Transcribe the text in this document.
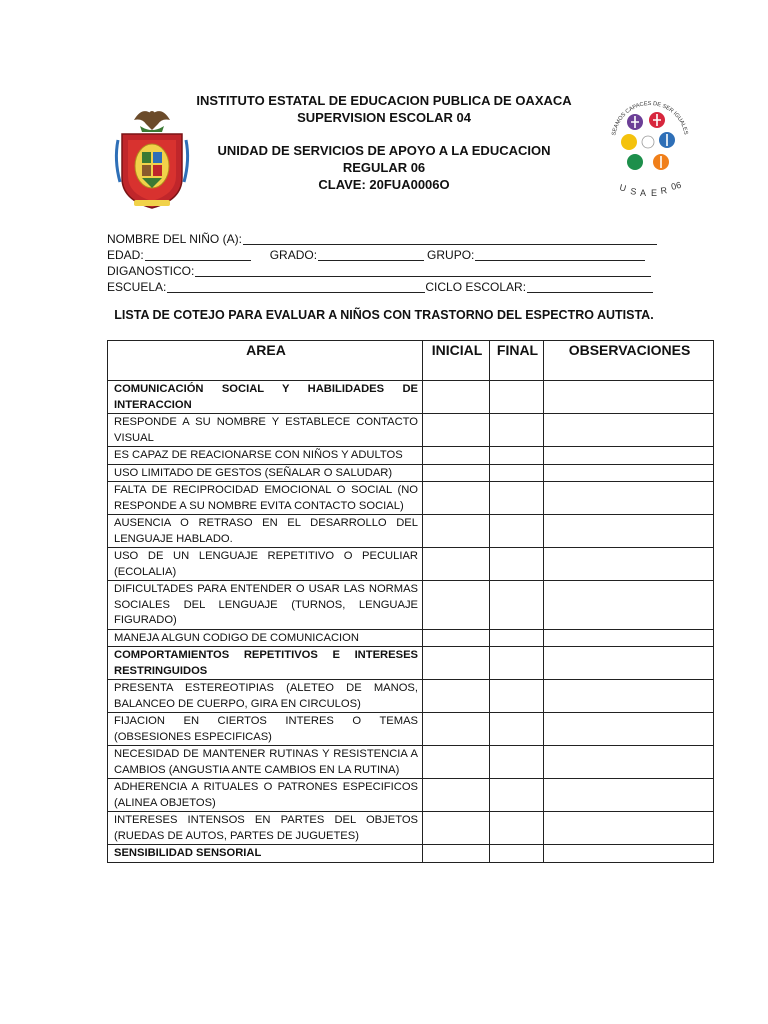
INSTITUTO ESTATAL DE EDUCACION PUBLICA DE OAXACA
SUPERVISION ESCOLAR 04
UNIDAD DE SERVICIOS DE APOYO A LA EDUCACION
REGULAR 06
CLAVE: 20FUA0006O
SEAMOS CAPACES DE SER IGUALES
U S A E R 06
NOMBRE DEL NIÑO (A):
EDAD:	GRADO:	GRUPO:
DIGANOSTICO:
ESCUELA:	CICLO ESCOLAR:
LISTA DE COTEJO PARA EVALUAR A NIÑOS CON TRASTORNO DEL ESPECTRO AUTISTA.
AREA	INICIAL	FINAL	OBSERVACIONES
COMUNICACIÓN SOCIAL Y HABILIDADES DE INTERACCION			
RESPONDE A SU NOMBRE Y ESTABLECE CONTACTO VISUAL			
ES CAPAZ DE REACIONARSE CON NIÑOS Y ADULTOS			
USO LIMITADO DE GESTOS (SEÑALAR O SALUDAR)			
FALTA DE RECIPROCIDAD EMOCIONAL O SOCIAL (NO RESPONDE A SU NOMBRE EVITA CONTACTO SOCIAL)			
AUSENCIA O RETRASO EN EL DESARROLLO DEL LENGUAJE HABLADO.			
USO DE UN LENGUAJE REPETITIVO O PECULIAR (ECOLALIA)			
DIFICULTADES PARA ENTENDER O USAR LAS NORMAS SOCIALES DEL LENGUAJE (TURNOS, LENGUAJE FIGURADO)			
MANEJA ALGUN CODIGO DE COMUNICACION			
COMPORTAMIENTOS REPETITIVOS E INTERESES RESTRINGUIDOS			
PRESENTA ESTEREOTIPIAS (ALETEO DE MANOS, BALANCEO DE CUERPO, GIRA EN CIRCULOS)			
FIJACION EN CIERTOS INTERES O TEMAS (OBSESIONES ESPECIFICAS)			
NECESIDAD DE MANTENER RUTINAS Y RESISTENCIA A CAMBIOS (ANGUSTIA ANTE CAMBIOS EN LA RUTINA)			
ADHERENCIA A RITUALES O PATRONES ESPECIFICOS (ALINEA OBJETOS)			
INTERESES INTENSOS EN PARTES DEL OBJETOS (RUEDAS DE AUTOS, PARTES DE JUGUETES)			
SENSIBILIDAD SENSORIAL			
